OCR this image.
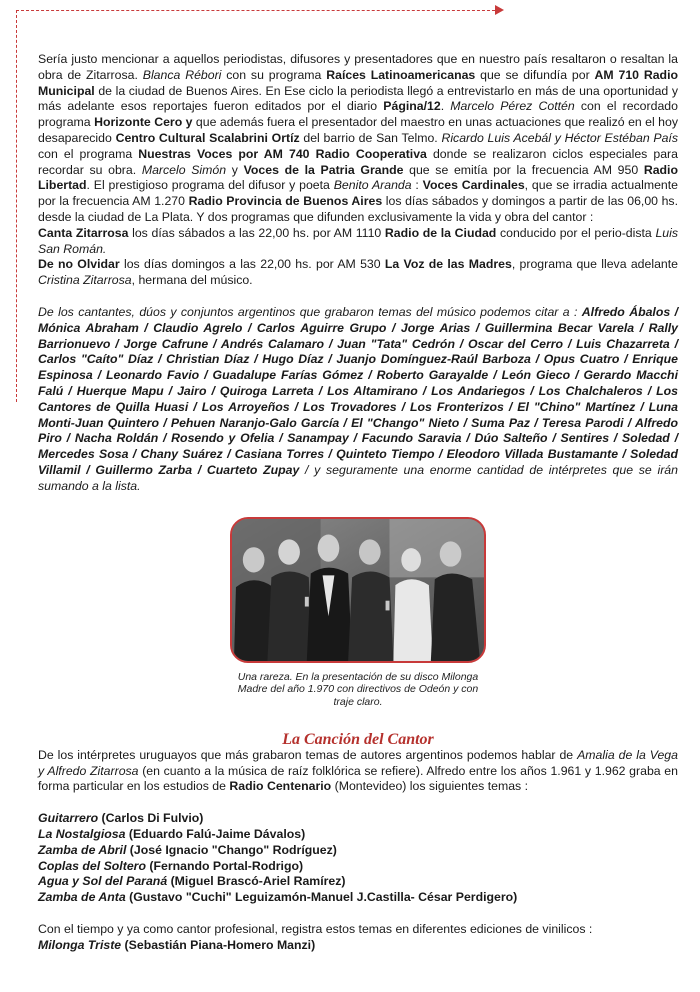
Sería justo mencionar a aquellos periodistas, difusores y presentadores que en nuestro país resaltaron o resaltan la obra de Zitarrosa. Blanca Rébori con su programa Raíces Latinoamericanas que se difundía por AM 710 Radio Municipal de la ciudad de Buenos Aires. En Ese ciclo la periodista llegó a entrevistarlo en más de una oportunidad y más adelante esos reportajes fueron editados por el diario Página/12. Marcelo Pérez Cottén con el recordado programa Horizonte Cero y que además fuera el presentador del maestro en unas actuaciones que realizó en el hoy desaparecido Centro Cultural Scalabrini Ortíz del barrio de San Telmo. Ricardo Luis Acebál y Héctor Estéban País con el programa Nuestras Voces por AM 740 Radio Cooperativa donde se realizaron ciclos especiales para recordar su obra. Marcelo Simón y Voces de la Patria Grande que se emitía por la frecuencia AM 950 Radio Libertad. El prestigioso programa del difusor y poeta Benito Aranda : Voces Cardinales, que se irradia actualmente por la frecuencia AM 1.270 Radio Provincia de Buenos Aires los días sábados y domingos a partir de las 06,00 hs. desde la ciudad de La Plata. Y dos programas que difunden exclusivamente la vida y obra del cantor :

Canta Zitarrosa los días sábados a las 22,00 hs. por AM 1110 Radio de la Ciudad conducido por el perio-dista Luis San Román.

De no Olvidar los días domingos a las 22,00 hs. por AM 530 La Voz de las Madres, programa que lleva adelante Cristina Zitarrosa, hermana del músico.

De los cantantes, dúos y conjuntos argentinos que grabaron temas del músico podemos citar a : Alfredo Ábalos / Mónica Abraham / Claudio Agrelo / Carlos Aguirre Grupo / Jorge Arias / Guillermina Becar Varela / Rally Barrionuevo / Jorge Cafrune / Andrés Calamaro / Juan "Tata" Cedrón / Oscar del Cerro / Luis Chazarreta / Carlos "Caíto" Díaz / Christian Díaz / Hugo Díaz / Juanjo Domínguez-Raúl Barboza / Opus Cuatro / Enrique Espinosa / Leonardo Favio / Guadalupe Farías Gómez / Roberto Garayalde / León Gieco / Gerardo Macchi Falú / Huerque Mapu / Jairo / Quiroga Larreta / Los Altamirano / Los Andariegos / Los Chalchaleros / Los Cantores de Quilla Huasi / Los Arroyeños / Los Trovadores / Los Fronterizos / El "Chino" Martínez / Luna Monti-Juan Quintero / Pehuen Naranjo-Galo García / El "Chango" Nieto / Suma Paz / Teresa Parodi / Alfredo Piro / Nacha Roldán / Rosendo y Ofelia / Sanampay / Facundo Saravia / Dúo Salteño / Sentires / Soledad / Mercedes Sosa / Chany Suárez / Casiana Torres / Quinteto Tiempo / Eleodoro Villada Bustamante / Soledad Villamil / Guillermo Zarba / Cuarteto Zupay / y seguramente una enorme cantidad de intérpretes que se irán sumando a la lista.

Una rareza. En la presentación de su disco Milonga Madre del año 1.970 con directivos de Odeón y con traje claro.
La Canción del Cantor

De los intérpretes uruguayos que más grabaron temas de autores argentinos podemos hablar de Amalia de la Vega y Alfredo Zitarrosa (en cuanto a la música de raíz folklórica se refiere). Alfredo entre los años 1.961 y 1.962 graba en forma particular en los estudios de Radio Centenario (Montevideo) los siguientes temas :

Guitarrero (Carlos Di Fulvio)

La Nostalgiosa (Eduardo Falú-Jaime Dávalos)

Zamba de Abril (José Ignacio "Chango" Rodríguez)

Coplas del Soltero (Fernando Portal-Rodrigo)

Agua y Sol del Paraná (Miguel Brascó-Ariel Ramírez)

Zamba de Anta (Gustavo "Cuchi" Leguizamón-Manuel J.Castilla- César Perdigero)

Con el tiempo y ya como cantor profesional, registra estos temas en diferentes ediciones de vinilicos :

Milonga Triste (Sebastián Piana-Homero Manzi)
